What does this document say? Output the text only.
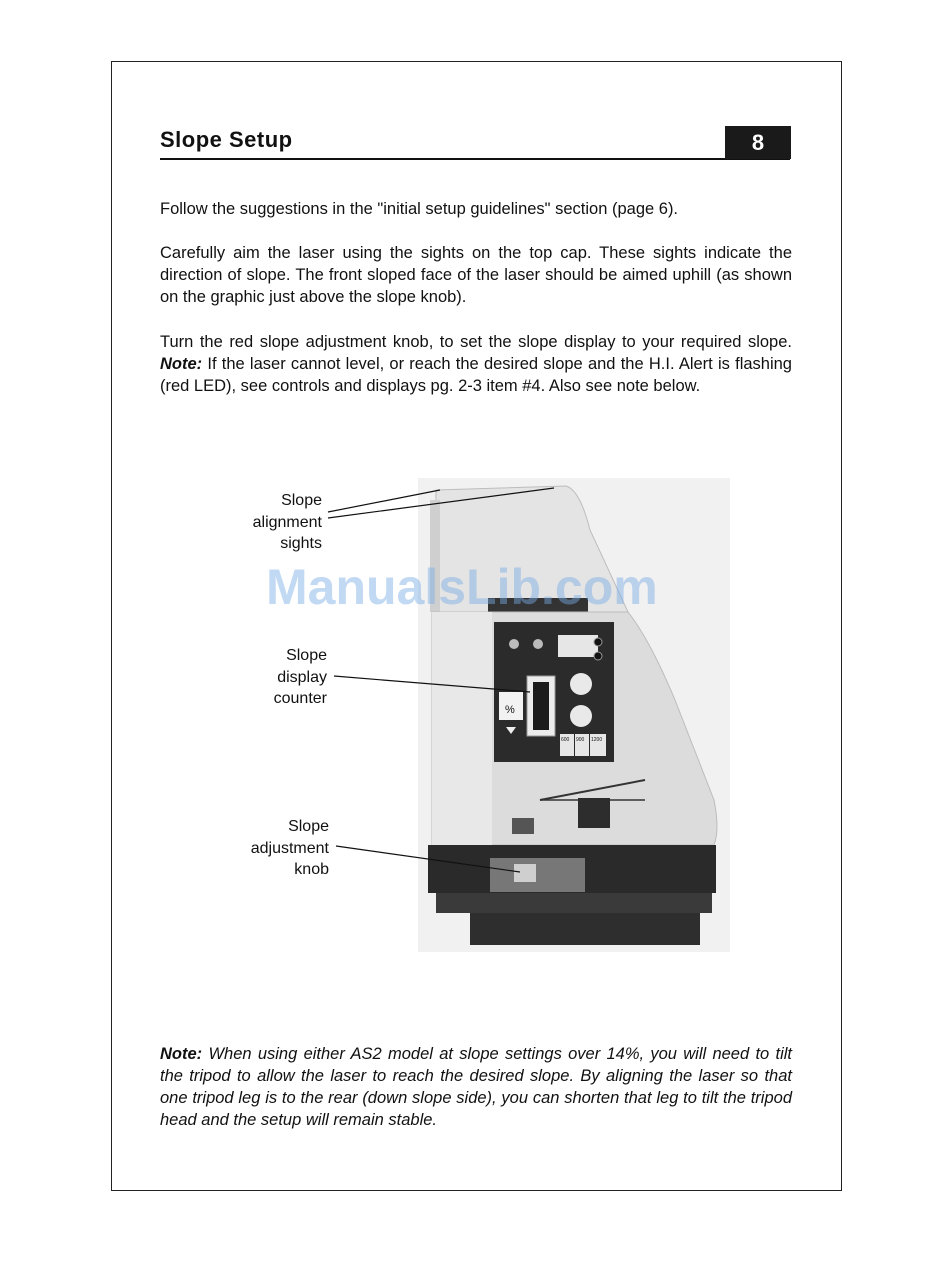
Slope Setup	8
Follow the suggestions in the "initial setup guidelines" section (page 6).
Carefully aim the laser using the sights on the top cap. These sights indicate the direction of slope. The front sloped face of the laser should be aimed uphill (as shown on the graphic just above the slope knob).
Turn the red slope adjustment knob, to set the slope display to your required slope. Note: If the laser cannot level, or reach the desired slope and the H.I. Alert is flashing (red LED), see controls and displays pg. 2-3 item #4. Also see note below.
%
600 900 1200
Slope
alignment
sights
Slope
display
counter
Slope
adjustment
knob
ManualsLib.com
Note: When using either AS2 model at slope settings over 14%, you will need to tilt the tripod to allow the laser to reach the desired slope. By aligning the laser so that one tripod leg is to the rear (down slope side), you can shorten that leg to tilt the tripod head and the setup will remain stable.
